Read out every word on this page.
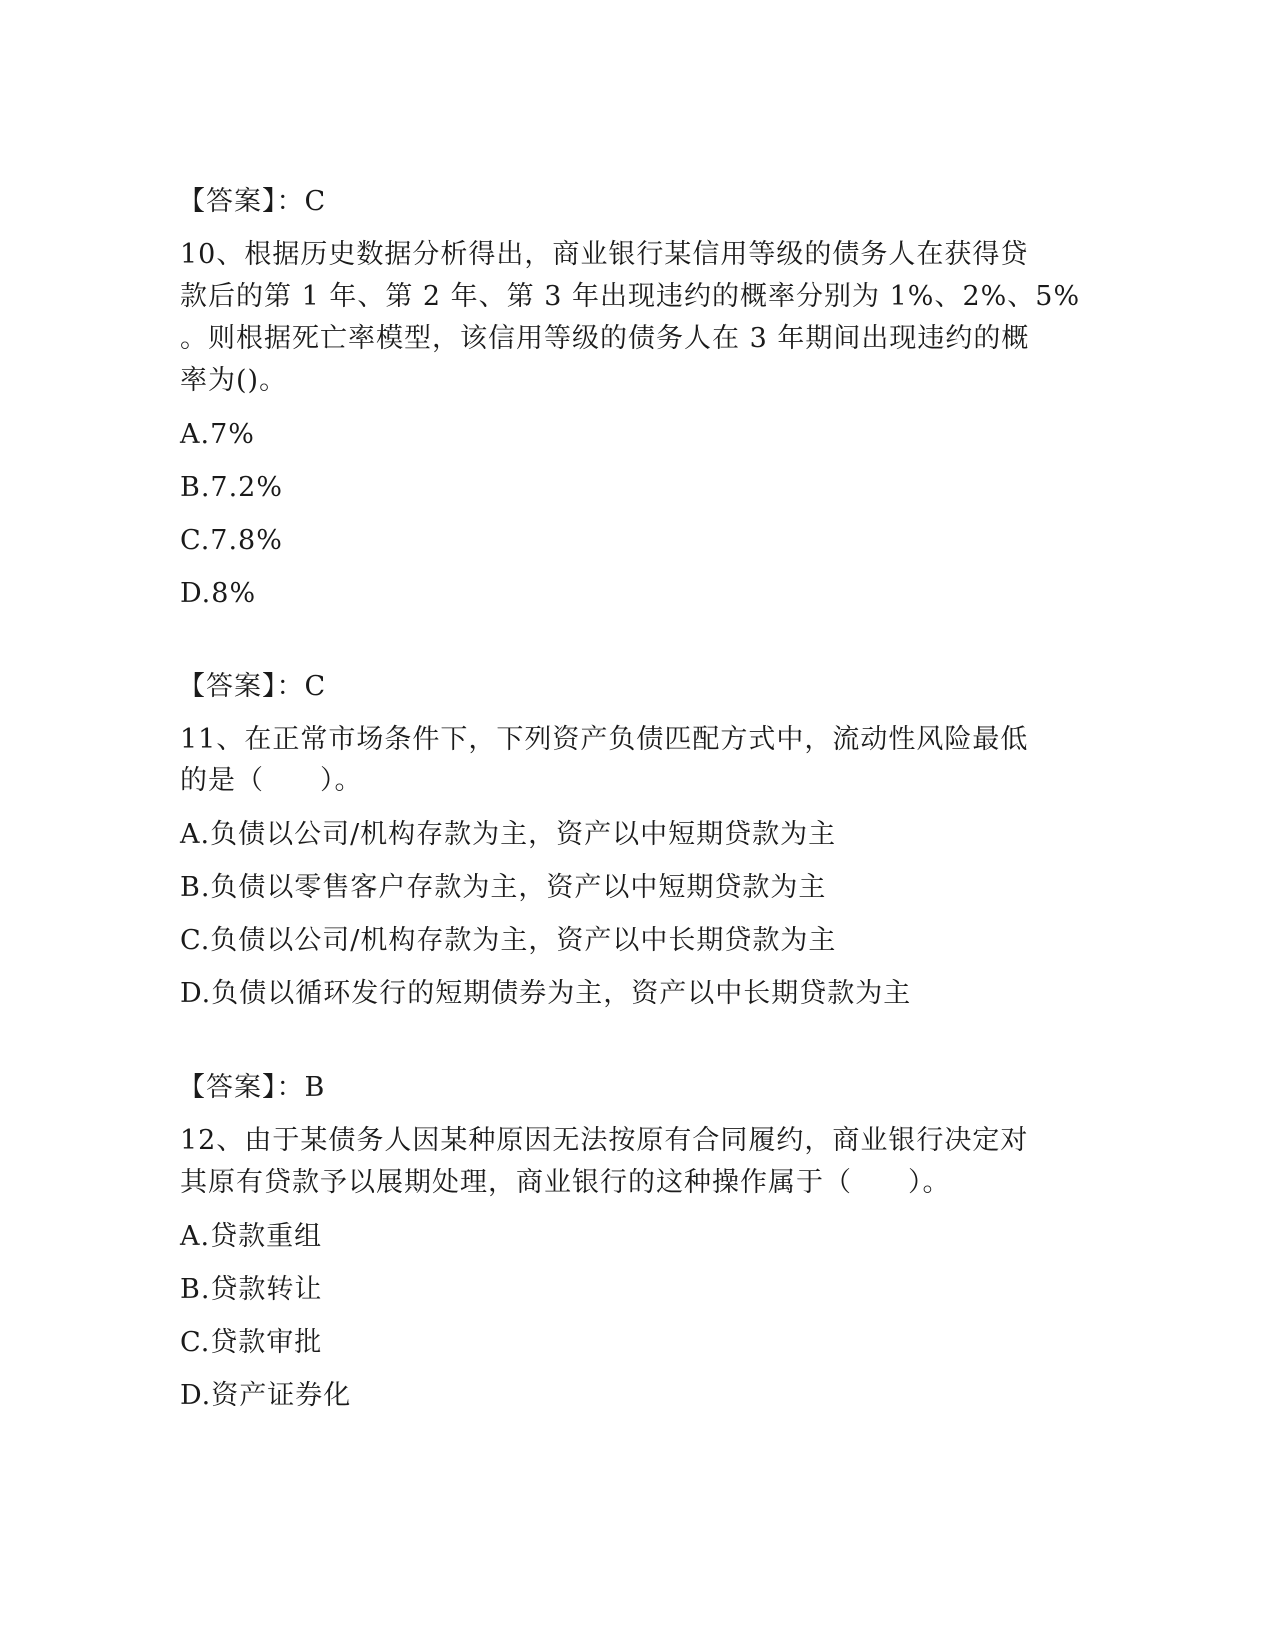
【答案】：C
10、根据历史数据分析得出，商业银行某信用等级的债务人在获得贷
款后的第 1 年、第 2 年、第 3 年出现违约的概率分别为 1%、2%、5%
。则根据死亡率模型，该信用等级的债务人在 3 年期间出现违约的概
率为()。
A.7%
B.7.2%
C.7.8%
D.8%
【答案】：C
11、在正常市场条件下，下列资产负债匹配方式中，流动性风险最低
的是（　　）。
A.负债以公司/机构存款为主，资产以中短期贷款为主
B.负债以零售客户存款为主，资产以中短期贷款为主
C.负债以公司/机构存款为主，资产以中长期贷款为主
D.负债以循环发行的短期债券为主，资产以中长期贷款为主
【答案】：B
12、由于某债务人因某种原因无法按原有合同履约，商业银行决定对
其原有贷款予以展期处理，商业银行的这种操作属于（　　）。
A.贷款重组
B.贷款转让
C.贷款审批
D.资产证券化
